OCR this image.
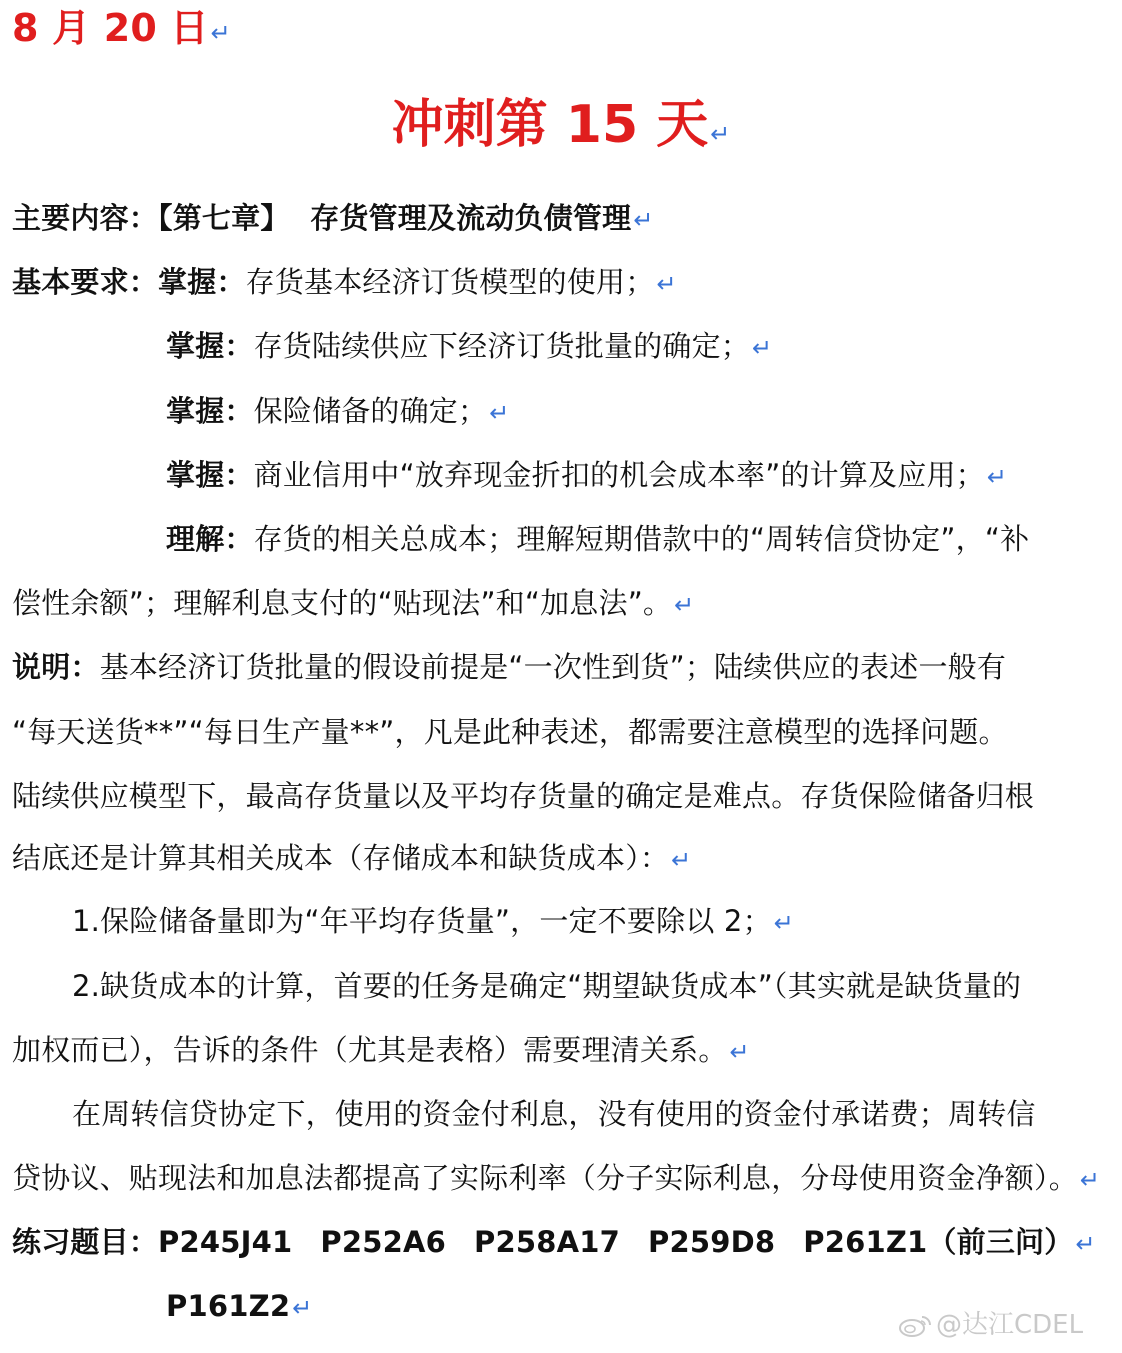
8 月 20 日↵
冲刺第 15 天↵
主要内容：【第七章】 存货管理及流动负债管理↵
基本要求：掌握：存货基本经济订货模型的使用；↵
掌握：存货陆续供应下经济订货批量的确定；↵
掌握：保险储备的确定；↵
掌握：商业信用中“放弃现金折扣的机会成本率”的计算及应用；↵
理解：存货的相关总成本；理解短期借款中的“周转信贷协定”，“补
偿性余额”；理解利息支付的“贴现法”和“加息法”。↵
说明：基本经济订货批量的假设前提是“一次性到货”；陆续供应的表述一般有
“每天送货**”“每日生产量**”，凡是此种表述，都需要注意模型的选择问题。
陆续供应模型下，最高存货量以及平均存货量的确定是难点。存货保险储备归根
结底还是计算其相关成本（存储成本和缺货成本）：↵
1.保险储备量即为“年平均存货量”，一定不要除以 2；↵
2.缺货成本的计算，首要的任务是确定“期望缺货成本”（其实就是缺货量的
加权而已），告诉的条件（尤其是表格）需要理清关系。↵
在周转信贷协定下，使用的资金付利息，没有使用的资金付承诺费；周转信
贷协议、贴现法和加息法都提高了实际利率（分子实际利息，分母使用资金净额）。↵
练习题目：P245J41 P252A6 P258A17 P259D8 P261Z1（前三问）↵
P161Z2↵
@达江CDEL
